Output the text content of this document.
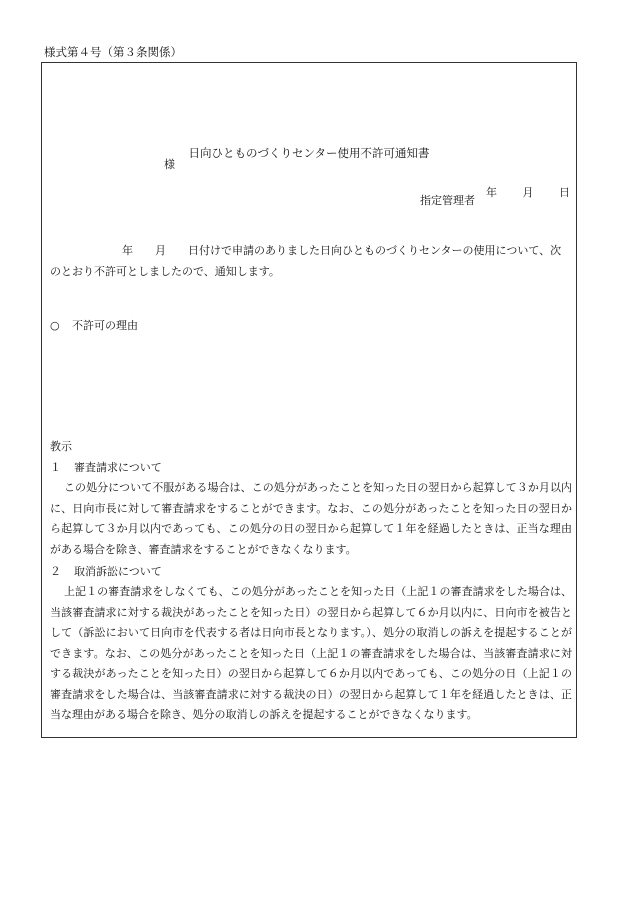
様式第４号（第３条関係）
日向ひとものづくりセンター使用不許可通知書
年 月 日
様
指定管理者
年 月 日付けで申請のありました日向ひとものづくりセンターの使用について、次のとおり不許可としましたので、通知します。
○ 不許可の理由
教示
１ 審査請求について
この処分について不服がある場合は、この処分があったことを知った日の翌日から起算して３か月以内に、日向市長に対して審査請求をすることができます。なお、この処分があったことを知った日の翌日から起算して３か月以内であっても、この処分の日の翌日から起算して１年を経過したときは、正当な理由がある場合を除き、審査請求をすることができなくなります。
２ 取消訴訟について
上記１の審査請求をしなくても、この処分があったことを知った日（上記１の審査請求をした場合は、当該審査請求に対する裁決があったことを知った日）の翌日から起算して６か月以内に、日向市を被告として（訴訟において日向市を代表する者は日向市長となります。）、処分の取消しの訴えを提起することができます。なお、この処分があったことを知った日（上記１の審査請求をした場合は、当該審査請求に対する裁決があったことを知った日）の翌日から起算して６か月以内であっても、この処分の日（上記１の審査請求をした場合は、当該審査請求に対する裁決の日）の翌日から起算して１年を経過したときは、正当な理由がある場合を除き、処分の取消しの訴えを提起することができなくなります。
